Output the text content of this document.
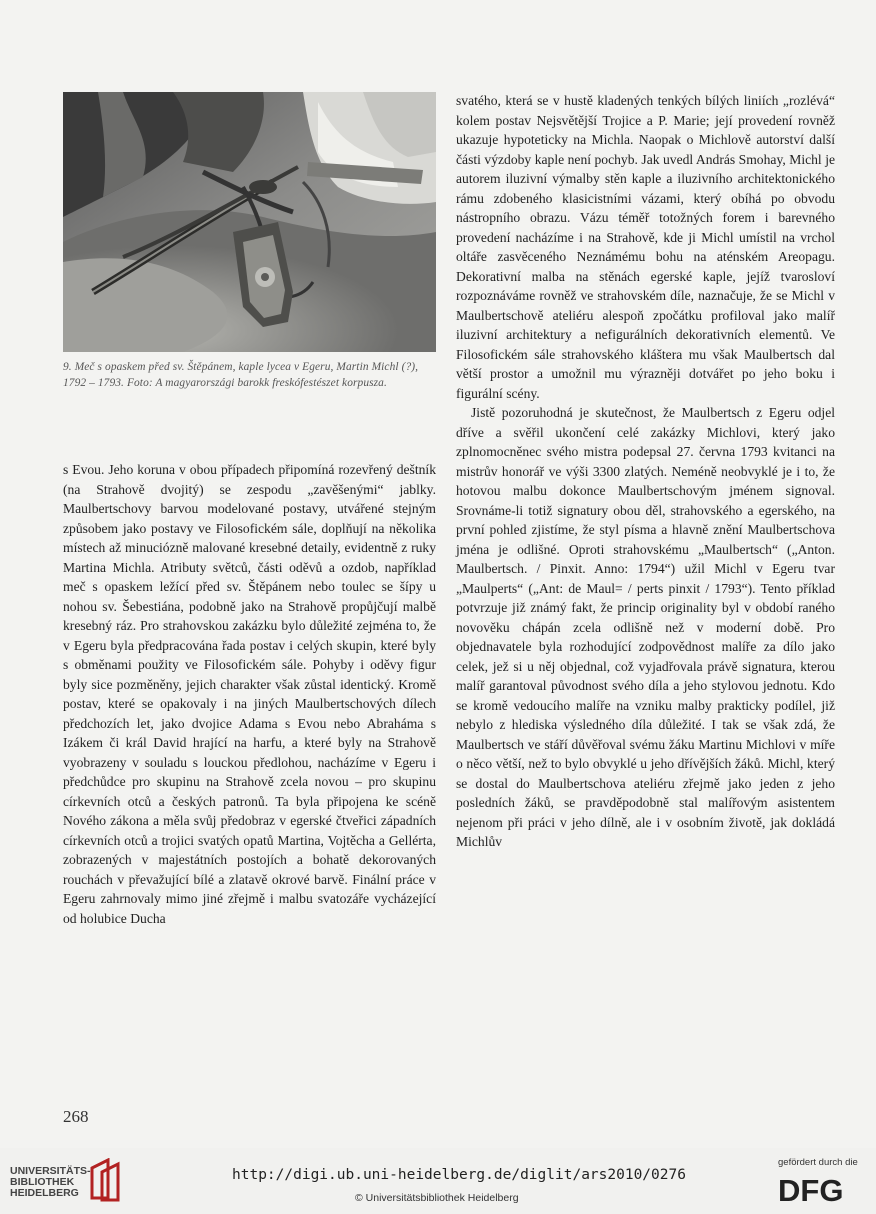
9. Meč s opaskem před sv. Štěpánem, kaple lycea v Egeru, Martin Michl (?), 1792 – 1793. Foto: A magyarországi barokk freskófestészet korpusza.

s Evou. Jeho koruna v obou případech připomíná rozevřený deštník (na Strahově dvojitý) se zespodu „zavěšenými“ jablky. Maulbertschovy barvou modelované postavy, utvářené stejným způsobem jako postavy ve Filosofickém sále, doplňují na několika místech až minuciózně malované kresebné detaily, evidentně z ruky Martina Michla. Atributy světců, části oděvů a ozdob, například meč s opaskem ležící před sv. Štěpánem nebo toulec se šípy u nohou sv. Šebestiána, podobně jako na Strahově propůjčují malbě kresebný ráz. Pro strahovskou zakázku bylo důležité zejména to, že v Egeru byla předpracována řada postav i celých skupin, které byly s obměnami použity ve Filosofickém sále. Pohyby i oděvy figur byly sice pozměněny, jejich charakter však zůstal identický. Kromě postav, které se opakovaly i na jiných Maulbertschových dílech předchozích let, jako dvojice Adama s Evou nebo Abraháma s Izákem či král David hrající na harfu, a které byly na Strahově vyobrazeny v souladu s louckou předlohou, nacházíme v Egeru i předchůdce pro skupinu na Strahově zcela novou – pro skupinu církevních otců a českých patronů. Ta byla připojena ke scéně Nového zákona a měla svůj předobraz v egerské čtveřici západních církevních otců a trojici svatých opatů Martina, Vojtěcha a Gellérta, zobrazených v majestátních postojích a bohatě dekorovaných rouchách v převažující bílé a zlatavě okrové barvě. Finální práce v Egeru zahrnovaly mimo jiné zřejmě i malbu svatozáře vycházející od holubice Ducha

svatého, která se v hustě kladených tenkých bílých liniích „rozlévá“ kolem postav Nejsvětější Trojice a P. Marie; její provedení rovněž ukazuje hypoteticky na Michla. Naopak o Michlově autorství další části výzdoby kaple není pochyb. Jak uvedl András Smohay, Michl je autorem iluzivní výmalby stěn kaple a iluzivního architektonického rámu zdobeného klasicistními vázami, který obíhá po obvodu nástropního obrazu. Vázu téměř totožných forem i barevného provedení nacházíme i na Strahově, kde ji Michl umístil na vrchol oltáře zasvěceného Neznámému bohu na aténském Areopagu. Dekorativní malba na stěnách egerské kaple, jejíž tvarosloví rozpoznáváme rovněž ve strahovském díle, naznačuje, že se Michl v Maulbertschově ateliéru alespoň zpočátku profiloval jako malíř iluzivní architektury a nefigurálních dekorativních elementů. Ve Filosofickém sále strahovského kláštera mu však Maulbertsch dal větší prostor a umožnil mu výrazněji dotvářet po jeho boku i figurální scény.

Jistě pozoruhodná je skutečnost, že Maulbertsch z Egeru odjel dříve a svěřil ukončení celé zakázky Michlovi, který jako zplnomocněnec svého mistra podepsal 27. června 1793 kvitanci na mistrův honorář ve výši 3300 zlatých. Neméně neobvyklé je i to, že hotovou malbu dokonce Maulbertschovým jménem signoval. Srovnáme-li totiž signatury obou děl, strahovského a egerského, na první pohled zjistíme, že styl písma a hlavně znění Maulbertschova jména je odlišné. Oproti strahovskému „Maulbertsch“ („Anton. Maulbertsch. / Pinxit. Anno: 1794“) užil Michl v Egeru tvar „Maulperts“ („Ant: de Maul= / perts pinxit / 1793“). Tento příklad potvrzuje již známý fakt, že princip originality byl v období raného novověku chápán zcela odlišně než v moderní době. Pro objednavatele byla rozhodující zodpovědnost malíře za dílo jako celek, jež si u něj objednal, což vyjadřovala právě signatura, kterou malíř garantoval původnost svého díla a jeho stylovou jednotu. Kdo se kromě vedoucího malíře na vzniku malby prakticky podílel, již nebylo z hlediska výsledného díla důležité. I tak se však zdá, že Maulbertsch ve stáří důvěřoval svému žáku Martinu Michlovi v míře o něco větší, než to bylo obvyklé u jeho dřívějších žáků. Michl, který se dostal do Maulbertschova ateliéru zřejmě jako jeden z jeho posledních žáků, se pravděpodobně stal malířovým asistentem nejenom při práci v jeho dílně, ale i v osobním životě, jak dokládá Michlův

268
UNIVERSITÄTS-
BIBLIOTHEK
HEIDELBERG
http://digi.ub.uni-heidelberg.de/diglit/ars2010/0276
© Universitätsbibliothek Heidelberg
gefördert durch die
DFG
